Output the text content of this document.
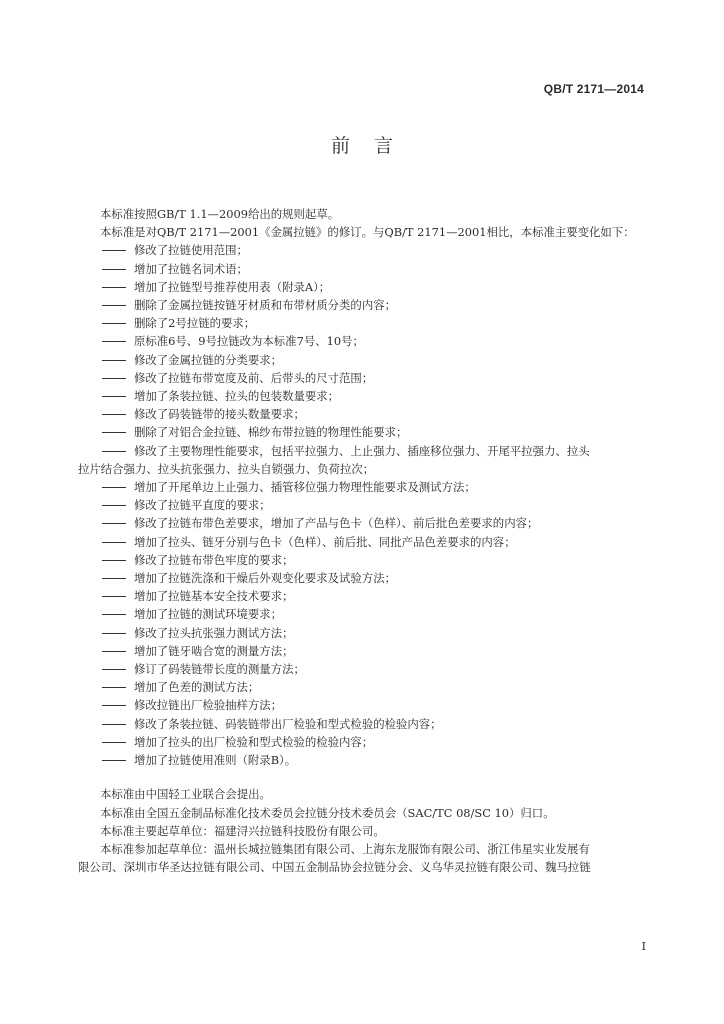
QB/T 2171—2014
前言
本标准按照GB/T 1.1—2009给出的规则起草。
本标准是对QB/T 2171—2001《金属拉链》的修订。与QB/T 2171—2001相比，本标准主要变化如下：
修改了拉链使用范围；
增加了拉链名词术语；
增加了拉链型号推荐使用表（附录A）；
删除了金属拉链按链牙材质和布带材质分类的内容；
删除了2号拉链的要求；
原标准6号、9号拉链改为本标准7号、10号；
修改了金属拉链的分类要求；
修改了拉链布带宽度及前、后带头的尺寸范围；
增加了条装拉链、拉头的包装数量要求；
修改了码装链带的接头数量要求；
删除了对铝合金拉链、棉纱布带拉链的物理性能要求；
修改了主要物理性能要求，包括平拉强力、上止强力、插座移位强力、开尾平拉强力、拉头
拉片结合强力、拉头抗张强力、拉头自锁强力、负荷拉次；
增加了开尾单边上止强力、插管移位强力物理性能要求及测试方法；
修改了拉链平直度的要求；
修改了拉链布带色差要求，增加了产品与色卡（色样）、前后批色差要求的内容；
增加了拉头、链牙分别与色卡（色样）、前后批、同批产品色差要求的内容；
修改了拉链布带色牢度的要求；
增加了拉链洗涤和干燥后外观变化要求及试验方法；
增加了拉链基本安全技术要求；
增加了拉链的测试环境要求；
修改了拉头抗张强力测试方法；
增加了链牙啮合宽的测量方法；
修订了码装链带长度的测量方法；
增加了色差的测试方法；
修改拉链出厂检验抽样方法；
修改了条装拉链、码装链带出厂检验和型式检验的检验内容；
增加了拉头的出厂检验和型式检验的检验内容；
增加了拉链使用准则（附录B）。
本标准由中国轻工业联合会提出。
本标准由全国五金制品标准化技术委员会拉链分技术委员会（SAC/TC 08/SC 10）归口。
本标准主要起草单位：福建浔兴拉链科技股份有限公司。
本标准参加起草单位：温州长城拉链集团有限公司、上海东龙服饰有限公司、浙江伟星实业发展有
限公司、深圳市华圣达拉链有限公司、中国五金制品协会拉链分会、义乌华灵拉链有限公司、魏马拉链
I
